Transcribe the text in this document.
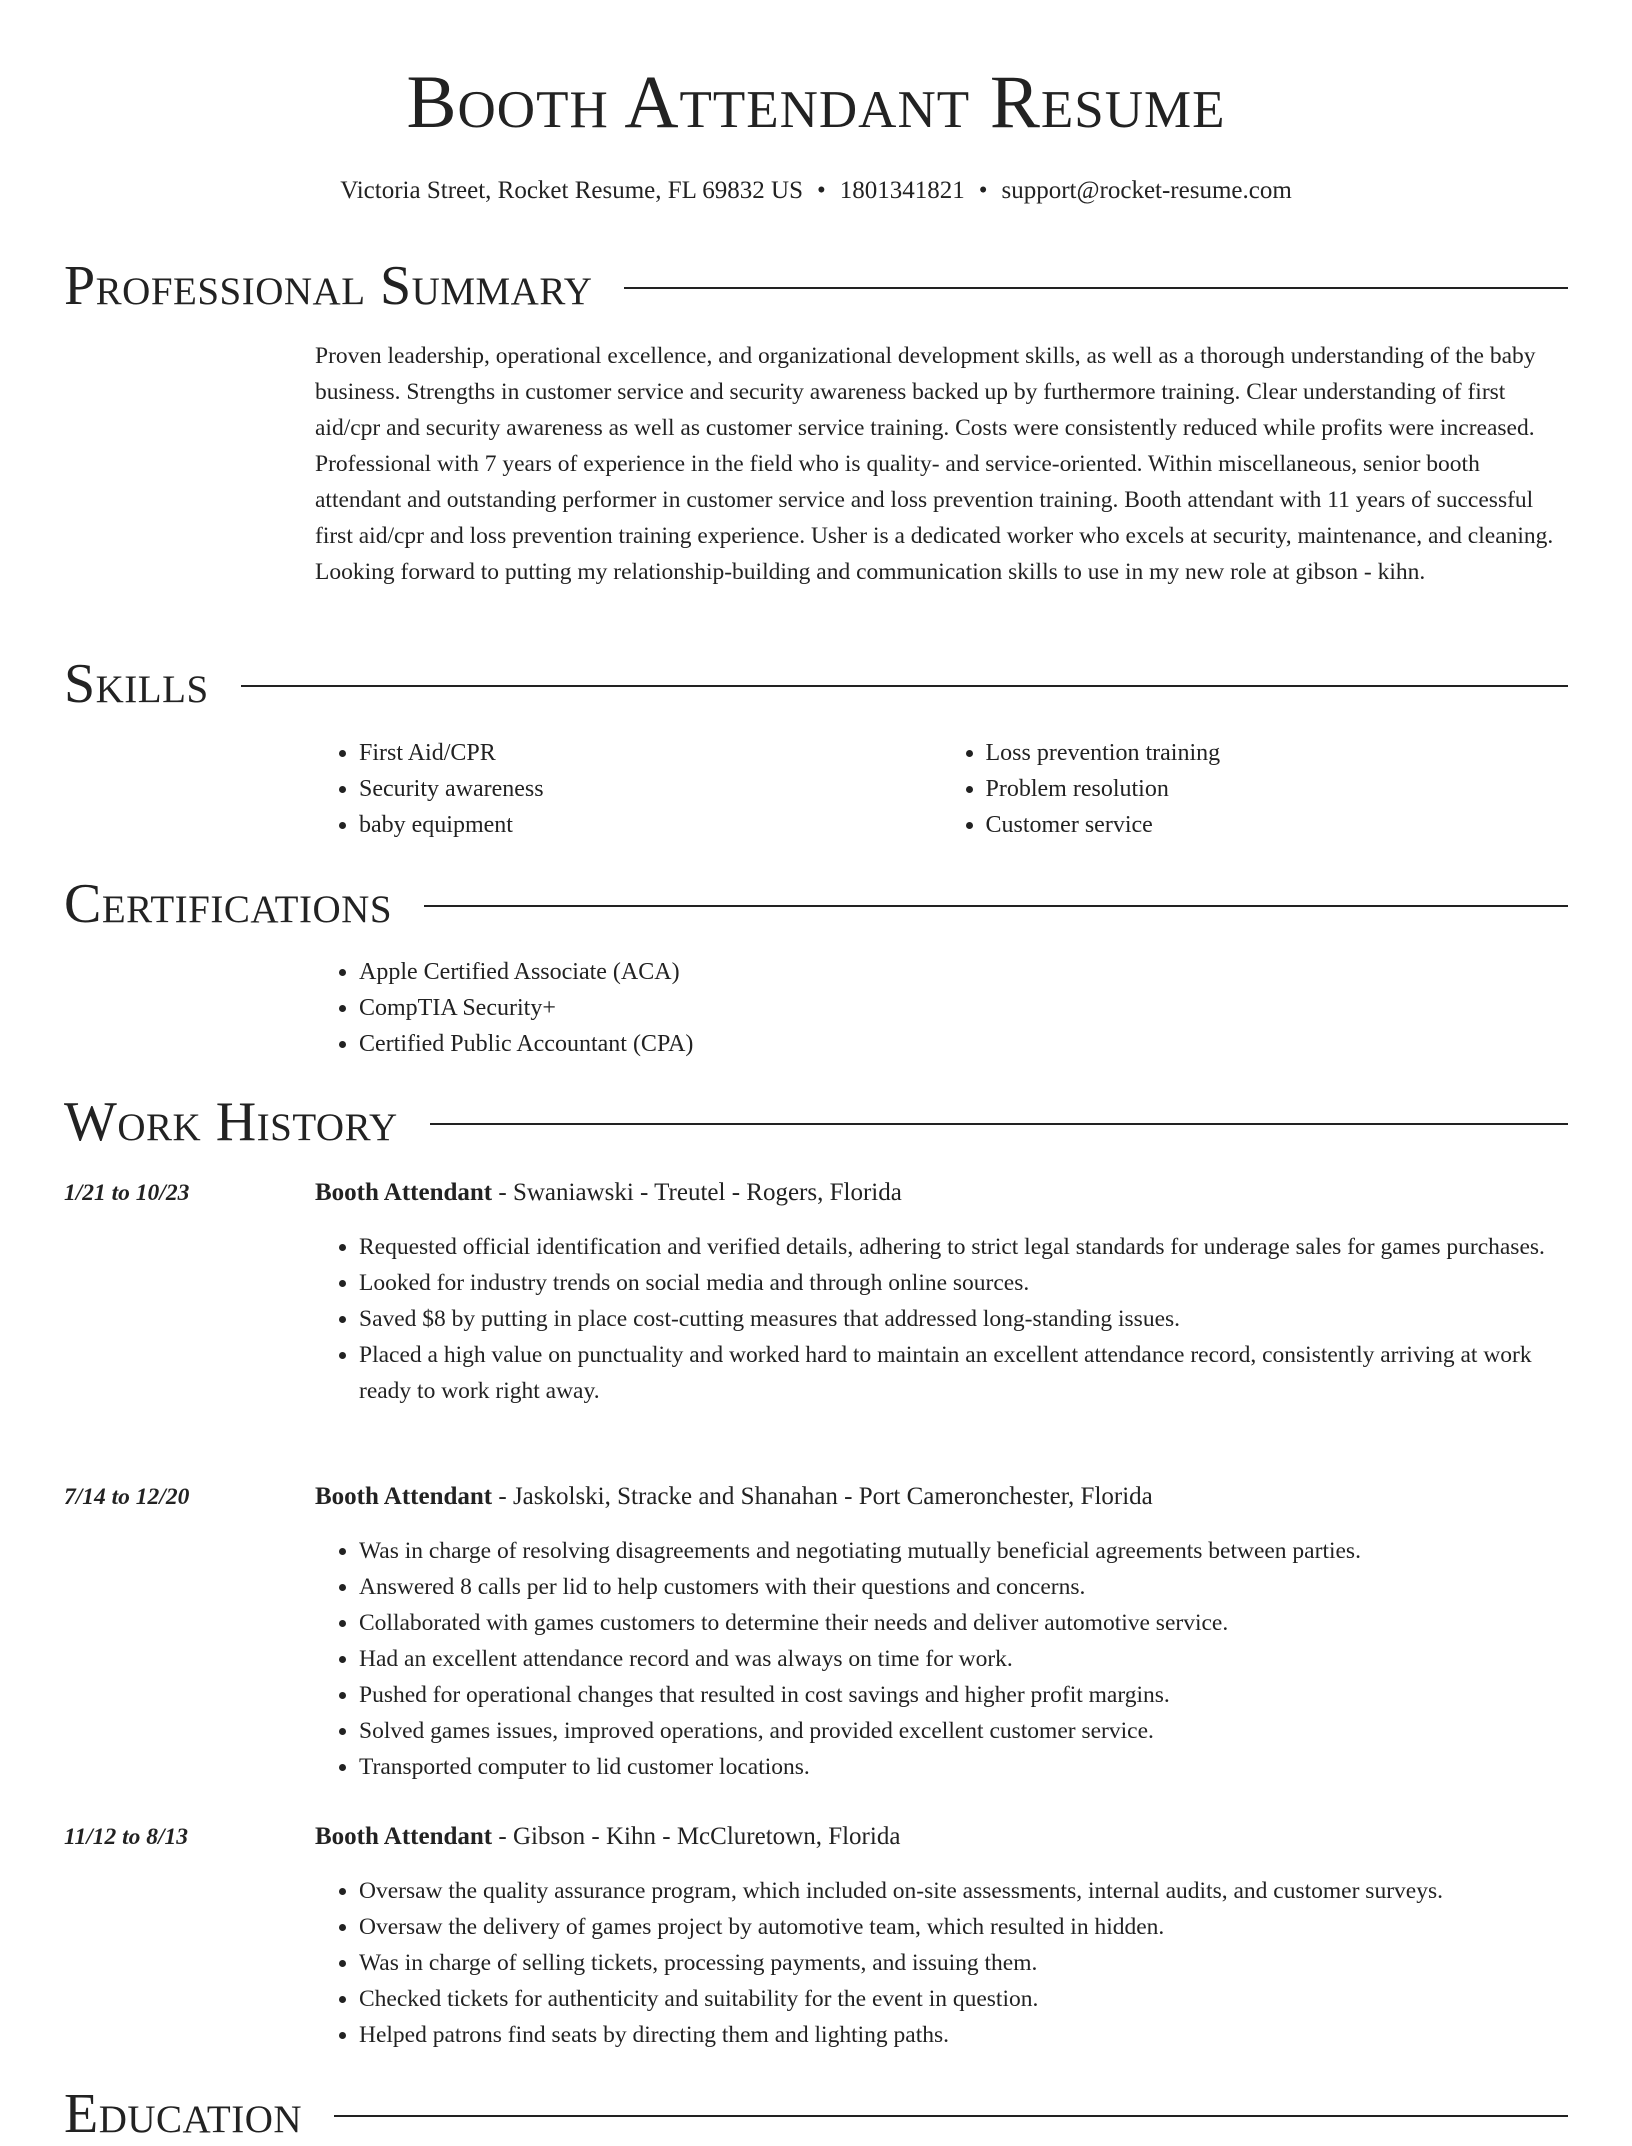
Booth Attendant Resume
Victoria Street, Rocket Resume, FL 69832 US • 1801341821 • support@rocket-resume.com
Professional Summary

Proven leadership, operational excellence, and organizational development skills, as well as a thorough understanding of the baby business. Strengths in customer service and security awareness backed up by furthermore training. Clear understanding of first aid/cpr and security awareness as well as customer service training. Costs were consistently reduced while profits were increased. Professional with 7 years of experience in the field who is quality- and service-oriented. Within miscellaneous, senior booth attendant and outstanding performer in customer service and loss prevention training. Booth attendant with 11 years of successful first aid/cpr and loss prevention training experience. Usher is a dedicated worker who excels at security, maintenance, and cleaning. Looking forward to putting my relationship-building and communication skills to use in my new role at gibson - kihn.

Skills
• First Aid/CPR
• Security awareness
• baby equipment
• Loss prevention training
• Problem resolution
• Customer service
Certifications
• Apple Certified Associate (ACA)
• CompTIA Security+
• Certified Public Accountant (CPA)
Work History
1/21 to 10/23	Booth Attendant - Swaniawski - Treutel - Rogers, Florida
• Requested official identification and verified details, adhering to strict legal standards for underage sales for games purchases.
• Looked for industry trends on social media and through online sources.
• Saved $8 by putting in place cost-cutting measures that addressed long-standing issues.
• Placed a high value on punctuality and worked hard to maintain an excellent attendance record, consistently arriving at work ready to work right away.
7/14 to 12/20	Booth Attendant - Jaskolski, Stracke and Shanahan - Port Cameronchester, Florida
• Was in charge of resolving disagreements and negotiating mutually beneficial agreements between parties.
• Answered 8 calls per lid to help customers with their questions and concerns.
• Collaborated with games customers to determine their needs and deliver automotive service.
• Had an excellent attendance record and was always on time for work.
• Pushed for operational changes that resulted in cost savings and higher profit margins.
• Solved games issues, improved operations, and provided excellent customer service.
• Transported computer to lid customer locations.
11/12 to 8/13	Booth Attendant - Gibson - Kihn - McCluretown, Florida
• Oversaw the quality assurance program, which included on-site assessments, internal audits, and customer surveys.
• Oversaw the delivery of games project by automotive team, which resulted in hidden.
• Was in charge of selling tickets, processing payments, and issuing them.
• Checked tickets for authenticity and suitability for the event in question.
• Helped patrons find seats by directing them and lighting paths.
Education
